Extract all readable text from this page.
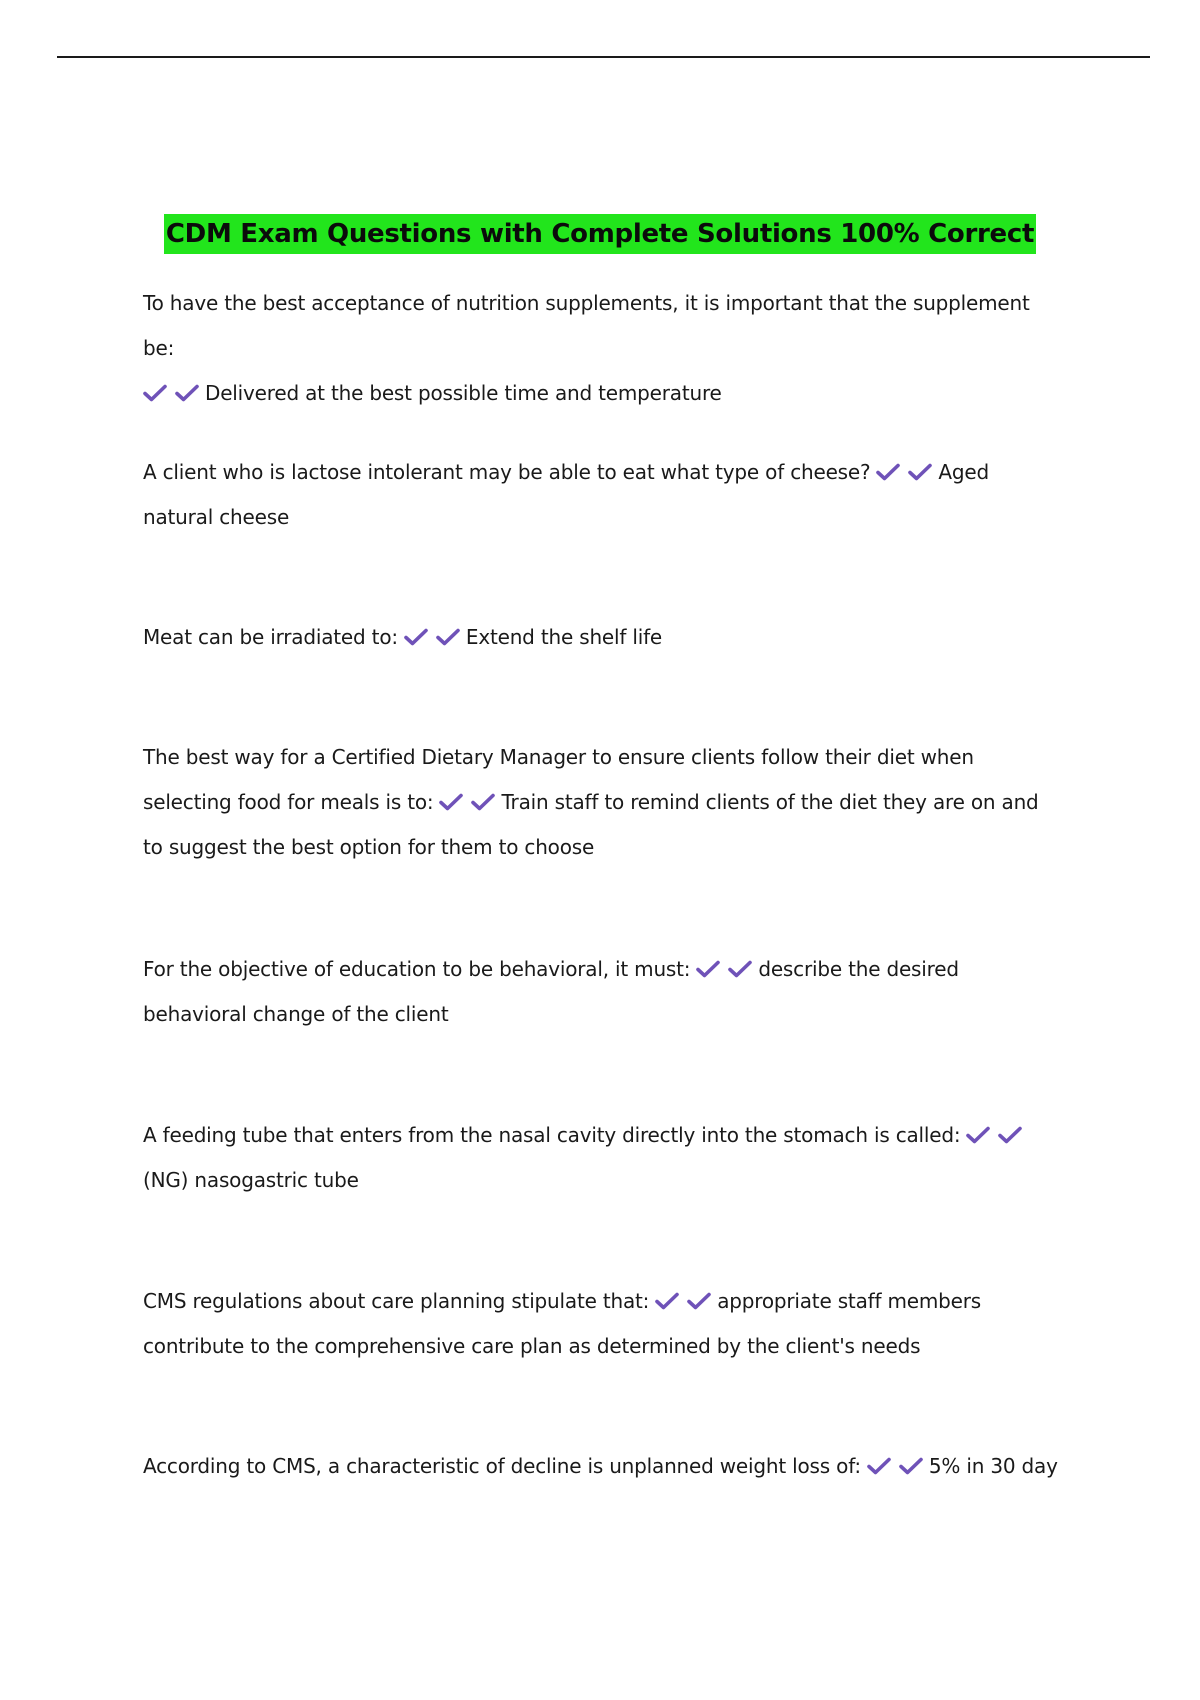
CDM Exam Questions with Complete Solutions 100% Correct
To have the best acceptance of nutrition supplements, it is important that the supplement be:

Delivered at the best possible time and temperature
A client who is lactose intolerant may be able to eat what type of cheese?	Aged natural cheese
Meat can be irradiated to:	Extend the shelf life
The best way for a Certified Dietary Manager to ensure clients follow their diet when selecting food for meals is to:	Train staff to remind clients of the diet they are on and to suggest the best option for them to choose
For the objective of education to be behavioral, it must:	describe the desired behavioral change of the client
A feeding tube that enters from the nasal cavity directly into the stomach is called:
(NG) nasogastric tube
CMS regulations about care planning stipulate that:	appropriate staff members contribute to the comprehensive care plan as determined by the client's needs
According to CMS, a characteristic of decline is unplanned weight loss of:	5% in 30 day
